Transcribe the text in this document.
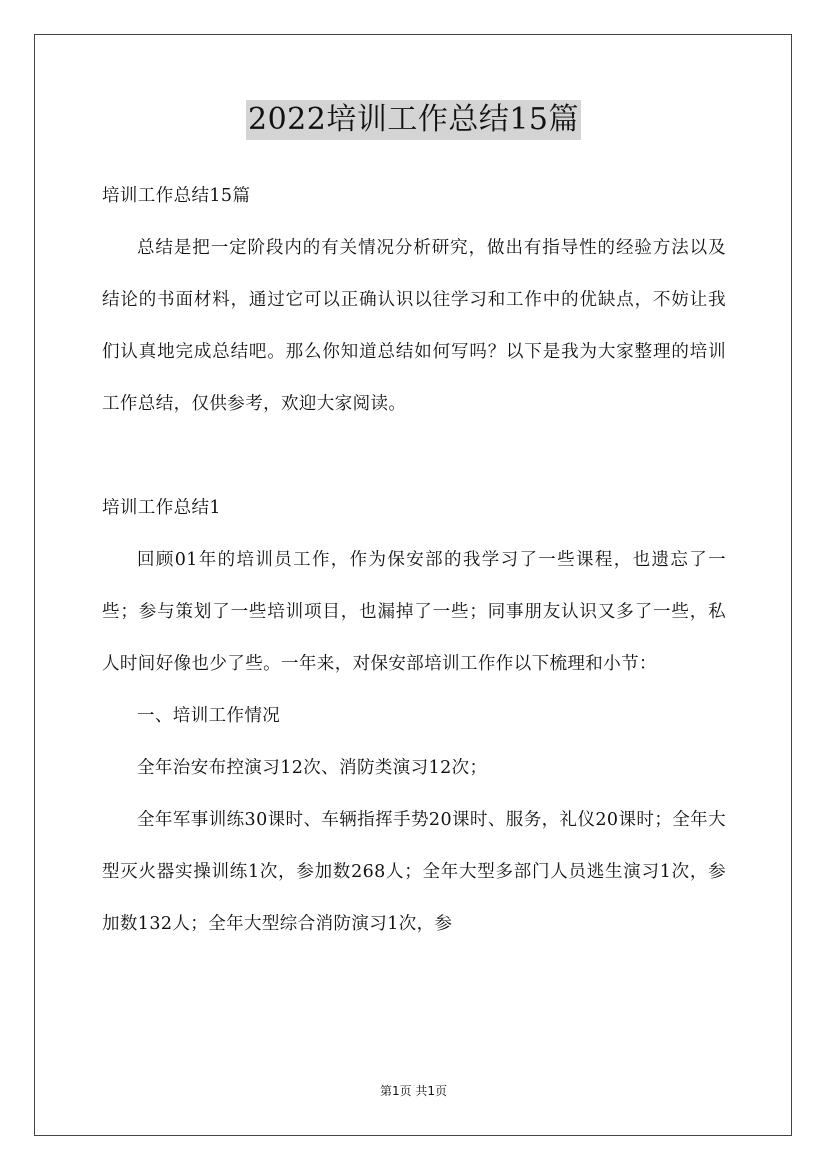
2022培训工作总结15篇

培训工作总结15篇

总结是把一定阶段内的有关情况分析研究，做出有指导性的经验方法以及结论的书面材料，通过它可以正确认识以往学习和工作中的优缺点，不妨让我们认真地完成总结吧。那么你知道总结如何写吗？以下是我为大家整理的培训工作总结，仅供参考，欢迎大家阅读。

培训工作总结1

回顾01年的培训员工作，作为保安部的我学习了一些课程，也遗忘了一些；参与策划了一些培训项目，也漏掉了一些；同事朋友认识又多了一些，私人时间好像也少了些。一年来，对保安部培训工作作以下梳理和小节：

一、培训工作情况

全年治安布控演习12次、消防类演习12次；

全年军事训练30课时、车辆指挥手势20课时、服务，礼仪20课时；全年大型灭火器实操训练1次，参加数268人；全年大型多部门人员逃生演习1次，参加数132人；全年大型综合消防演习1次，参

第1页 共1页
